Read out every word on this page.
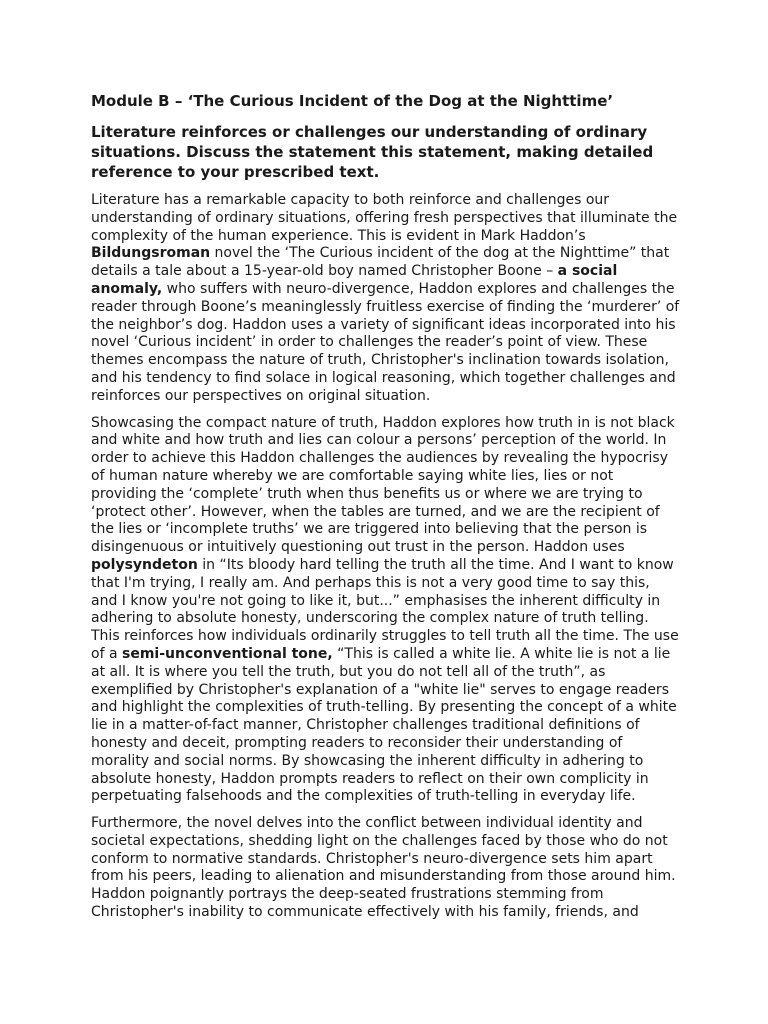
Module B – ‘The Curious Incident of the Dog at the Nighttime’
Literature reinforces or challenges our understanding of ordinary situations. Discuss the statement this statement, making detailed reference to your prescribed text.

Literature has a remarkable capacity to both reinforce and challenges our understanding of ordinary situations, offering fresh perspectives that illuminate the complexity of the human experience. This is evident in Mark Haddon’s Bildungsroman novel the ‘The Curious incident of the dog at the Nighttime” that details a tale about a 15-year-old boy named Christopher Boone – a social anomaly, who suffers with neuro-divergence, Haddon explores and challenges the reader through Boone’s meaninglessly fruitless exercise of finding the ‘murderer’ of the neighbor’s dog. Haddon uses a variety of significant ideas incorporated into his novel ‘Curious incident’ in order to challenges the reader’s point of view. These themes encompass the nature of truth, Christopher's inclination towards isolation, and his tendency to find solace in logical reasoning, which together challenges and reinforces our perspectives on original situation.

Showcasing the compact nature of truth, Haddon explores how truth in is not black and white and how truth and lies can colour a persons’ perception of the world. In order to achieve this Haddon challenges the audiences by revealing the hypocrisy of human nature whereby we are comfortable saying white lies, lies or not providing the ‘complete’ truth when thus benefits us or where we are trying to ‘protect other’. However, when the tables are turned, and we are the recipient of the lies or ‘incomplete truths’ we are triggered into believing that the person is disingenuous or intuitively questioning out trust in the person. Haddon uses polysyndeton in “Its bloody hard telling the truth all the time. And I want to know that I'm trying, I really am. And perhaps this is not a very good time to say this, and I know you're not going to like it, but...” emphasises the inherent difficulty in adhering to absolute honesty, underscoring the complex nature of truth telling. This reinforces how individuals ordinarily struggles to tell truth all the time. The use of a semi-unconventional tone, “This is called a white lie. A white lie is not a lie at all. It is where you tell the truth, but you do not tell all of the truth”, as exemplified by Christopher's explanation of a "white lie" serves to engage readers and highlight the complexities of truth-telling. By presenting the concept of a white lie in a matter-of-fact manner, Christopher challenges traditional definitions of honesty and deceit, prompting readers to reconsider their understanding of morality and social norms. By showcasing the inherent difficulty in adhering to absolute honesty, Haddon prompts readers to reflect on their own complicity in perpetuating falsehoods and the complexities of truth-telling in everyday life.

Furthermore, the novel delves into the conflict between individual identity and societal expectations, shedding light on the challenges faced by those who do not conform to normative standards. Christopher's neuro-divergence sets him apart from his peers, leading to alienation and misunderstanding from those around him. Haddon poignantly portrays the deep-seated frustrations stemming from Christopher's inability to communicate effectively with his family, friends, and
